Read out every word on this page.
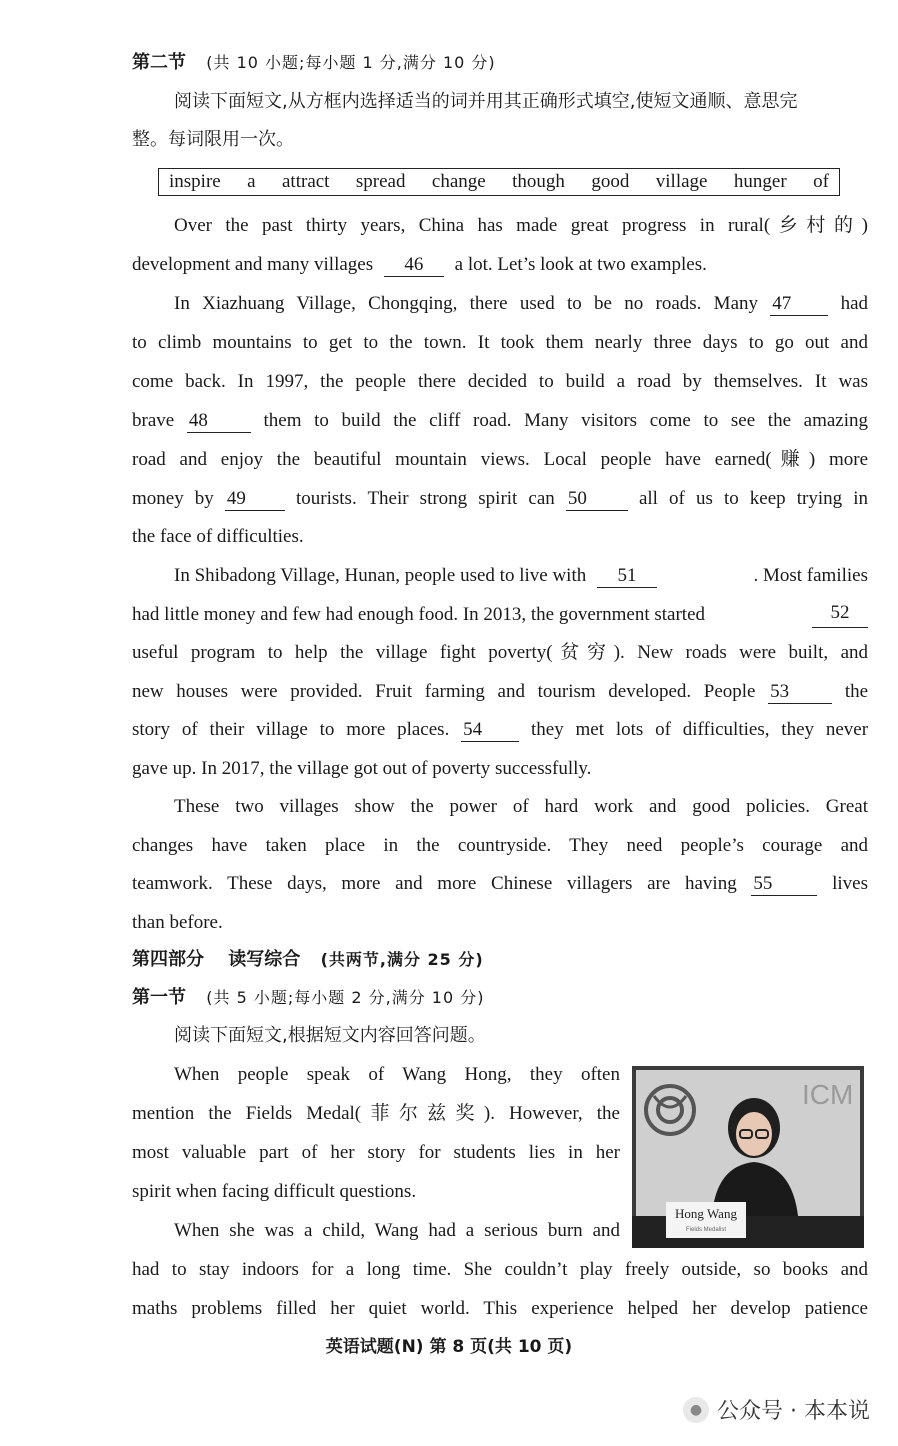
第二节 (共 10 小题;每小题 1 分,满分 10 分)
阅读下面短文,从方框内选择适当的词并用其正确形式填空,使短文通顺、意思完
整。每词限用一次。
inspire a attract spread change though good village hunger of
Over the past thirty years, China has made great progress in rural(乡村的)
development and many villages 46 a lot. Let’s look at two examples.
In Xiazhuang Village, Chongqing, there used to be no roads. Many 47	had
to climb mountains to get to the town. It took them nearly three days to go out and
come back. In 1997, the people there decided to build a road by themselves. It was
brave 48	them to build the cliff road. Many visitors come to see the amazing
road and enjoy the beautiful mountain views. Local people have earned(赚) more
money by 49	tourists. Their strong spirit can 50	all of us to keep trying in
the face of difficulties.
In Shibadong Village, Hunan, people used to live with 51	. Most families
had little money and few had enough food. In 2013, the government started	52
useful program to help the village fight poverty(贫穷). New roads were built, and
new houses were provided. Fruit farming and tourism developed. People 53	the
story of their village to more places. 54	they met lots of difficulties, they never
gave up. In 2017, the village got out of poverty successfully.
These two villages show the power of hard work and good policies. Great
changes have taken place in the countryside. They need people’s courage and
teamwork. These days, more and more Chinese villagers are having 55	lives
than before.
第四部分 读写综合 (共两节,满分 25 分)
第一节 (共 5 小题;每小题 2 分,满分 10 分)
阅读下面短文,根据短文内容回答问题。
When people speak of Wang Hong, they often
mention the Fields Medal(菲尔兹奖). However, the
most valuable part of her story for students lies in her
spirit when facing difficult questions.
When she was a child, Wang had a serious burn and
had to stay indoors for a long time. She couldn’t play freely outside, so books and
maths problems filled her quiet world. This experience helped her develop patience
ICM
Hong Wang
Fields Medalist
英语试题(N) 第 8 页(共 10 页)
● 公众号 · 本本说
